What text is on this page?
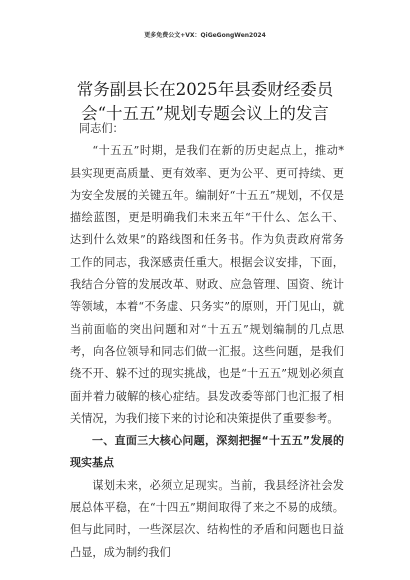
更多免费公文+VX：QiGeGongWen2024
常务副县长在2025年县委财经委员会“十五五”规划专题会议上的发言

同志们：

“十五五”时期，是我们在新的历史起点上，推动*县实现更高质量、更有效率、更为公平、更可持续、更为安全发展的关键五年。编制好“十五五”规划，不仅是描绘蓝图，更是明确我们未来五年“干什么、怎么干、达到什么效果”的路线图和任务书。作为负责政府常务工作的同志，我深感责任重大。根据会议安排，下面，我结合分管的发展改革、财政、应急管理、国资、统计等领域，本着“不务虚、只务实”的原则，开门见山，就当前面临的突出问题和对“十五五”规划编制的几点思考，向各位领导和同志们做一汇报。这些问题，是我们绕不开、躲不过的现实挑战，也是“十五五”规划必须直面并着力破解的核心症结。县发改委等部门也汇报了相关情况，为我们接下来的讨论和决策提供了重要参考。

一、直面三大核心问题，深刻把握“十五五”发展的现实基点

谋划未来，必须立足现实。当前，我县经济社会发展总体平稳，在“十四五”期间取得了来之不易的成绩。但与此同时，一些深层次、结构性的矛盾和问题也日益凸显，成为制约我们
